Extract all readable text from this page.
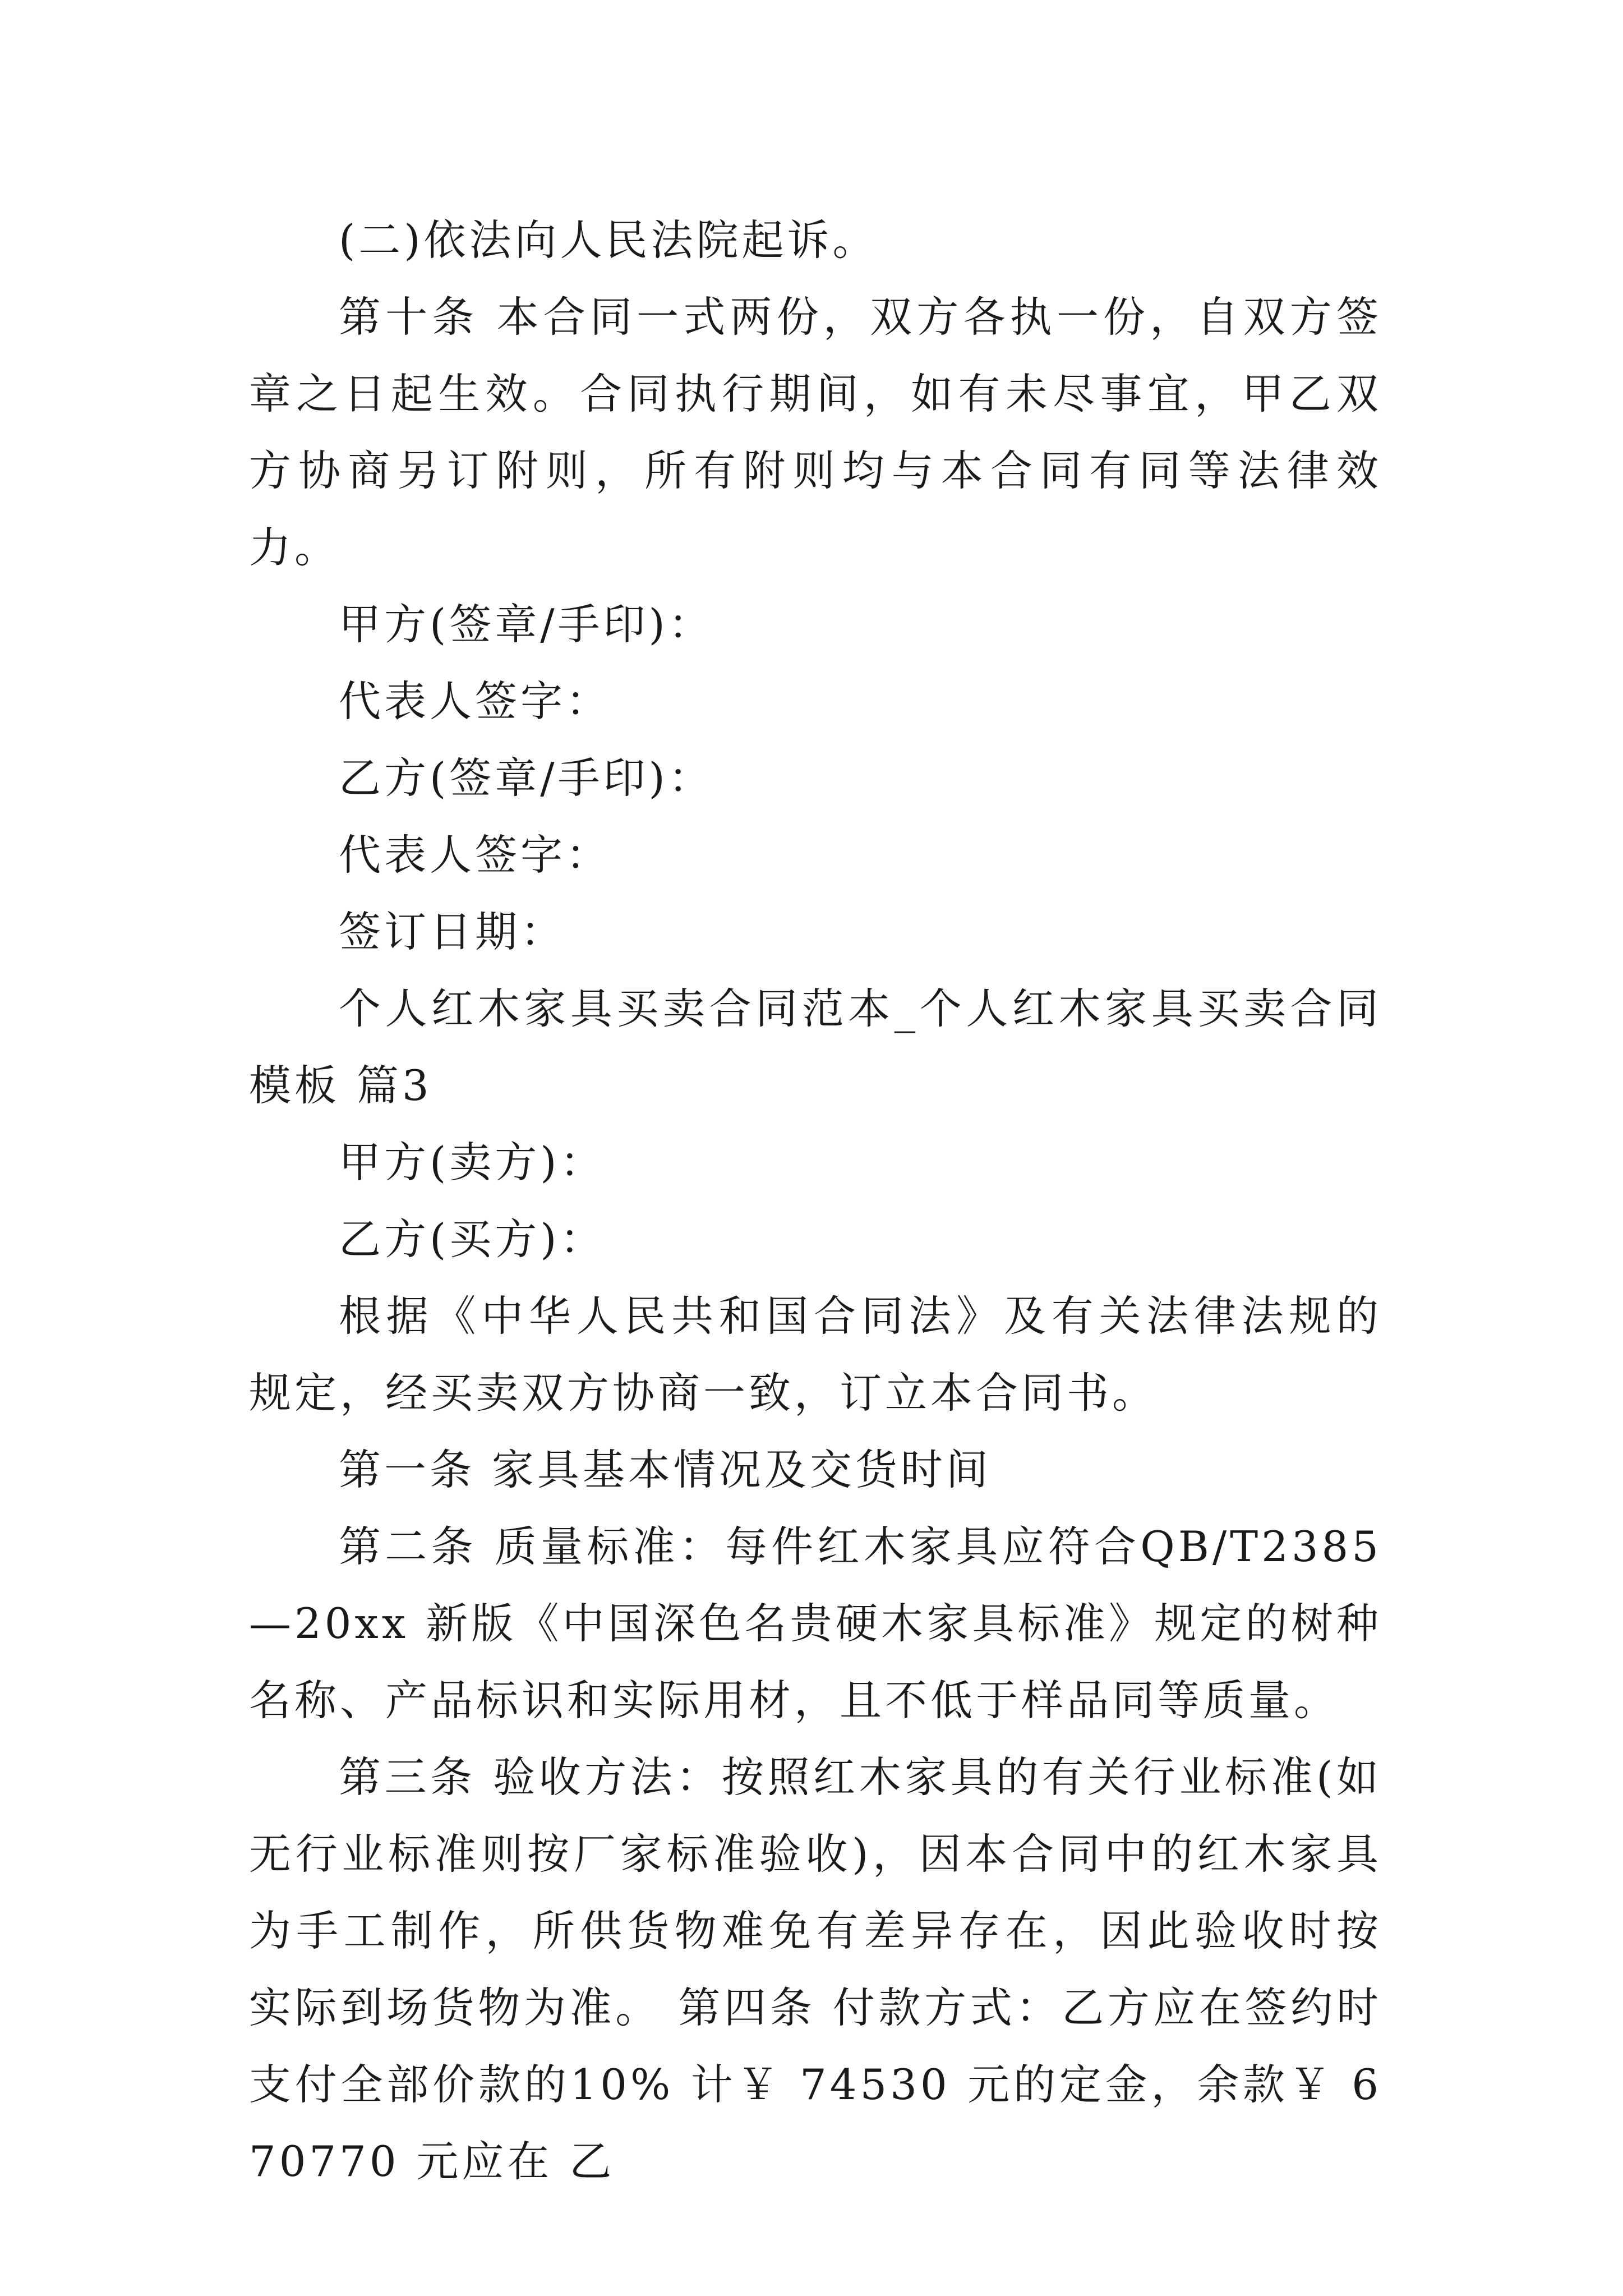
(二)依法向人民法院起诉。

第十条 本合同一式两份，双方各执一份，自双方签章之日起生效。合同执行期间，如有未尽事宜，甲乙双方协商另订附则，所有附则均与本合同有同等法律效力。

甲方(签章/手印)：

代表人签字：

乙方(签章/手印)：

代表人签字：

签订日期：

个人红木家具买卖合同范本_个人红木家具买卖合同模板 篇3

甲方(卖方)：

乙方(买方)：

根据《中华人民共和国合同法》及有关法律法规的规定，经买卖双方协商一致，订立本合同书。

第一条 家具基本情况及交货时间

第二条 质量标准：每件红木家具应符合QB/T2385—20xx 新版《中国深色名贵硬木家具标准》规定的树种名称、产品标识和实际用材，且不低于样品同等质量。

第三条 验收方法：按照红木家具的有关行业标准(如无行业标准则按厂家标准验收)，因本合同中的红木家具为手工制作，所供货物难免有差异存在，因此验收时按实际到场货物为准。 第四条 付款方式：乙方应在签约时支付全部价款的10% 计￥ 74530 元的定金，余款￥ 670770 元应在 乙
